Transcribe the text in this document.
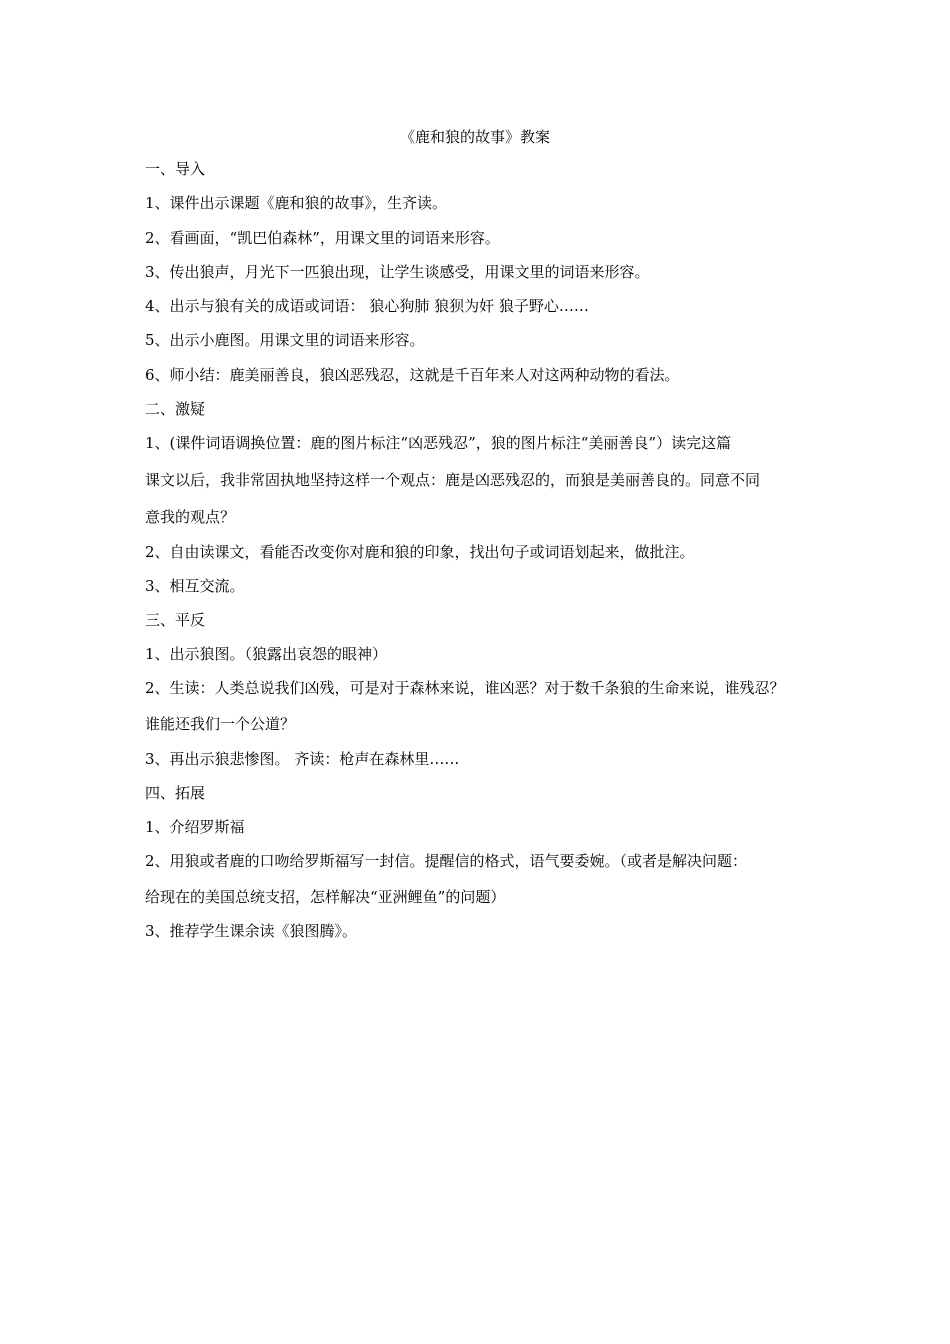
《鹿和狼的故事》教案
一、导入
1、课件出示课题《鹿和狼的故事》，生齐读。
2、看画面，“凯巴伯森林”，用课文里的词语来形容。
3、传出狼声，月光下一匹狼出现，让学生谈感受，用课文里的词语来形容。
4、出示与狼有关的成语或词语： 狼心狗肺 狼狈为奸 狼子野心……
5、出示小鹿图。用课文里的词语来形容。
6、师小结：鹿美丽善良，狼凶恶残忍，这就是千百年来人对这两种动物的看法。
二、激疑
1、(课件词语调换位置：鹿的图片标注“凶恶残忍”，狼的图片标注“美丽善良”）读完这篇
课文以后，我非常固执地坚持这样一个观点：鹿是凶恶残忍的，而狼是美丽善良的。同意不同
意我的观点？
2、自由读课文，看能否改变你对鹿和狼的印象，找出句子或词语划起来，做批注。
3、相互交流。
三、平反
1、出示狼图。（狼露出哀怨的眼神）
2、生读：人类总说我们凶残，可是对于森林来说，谁凶恶？对于数千条狼的生命来说，谁残忍？
谁能还我们一个公道？
3、再出示狼悲惨图。 齐读：枪声在森林里……
四、拓展
1、介绍罗斯福
2、用狼或者鹿的口吻给罗斯福写一封信。提醒信的格式，语气要委婉。（或者是解决问题：
给现在的美国总统支招，怎样解决“亚洲鲤鱼”的问题）
3、推荐学生课余读《狼图腾》。
